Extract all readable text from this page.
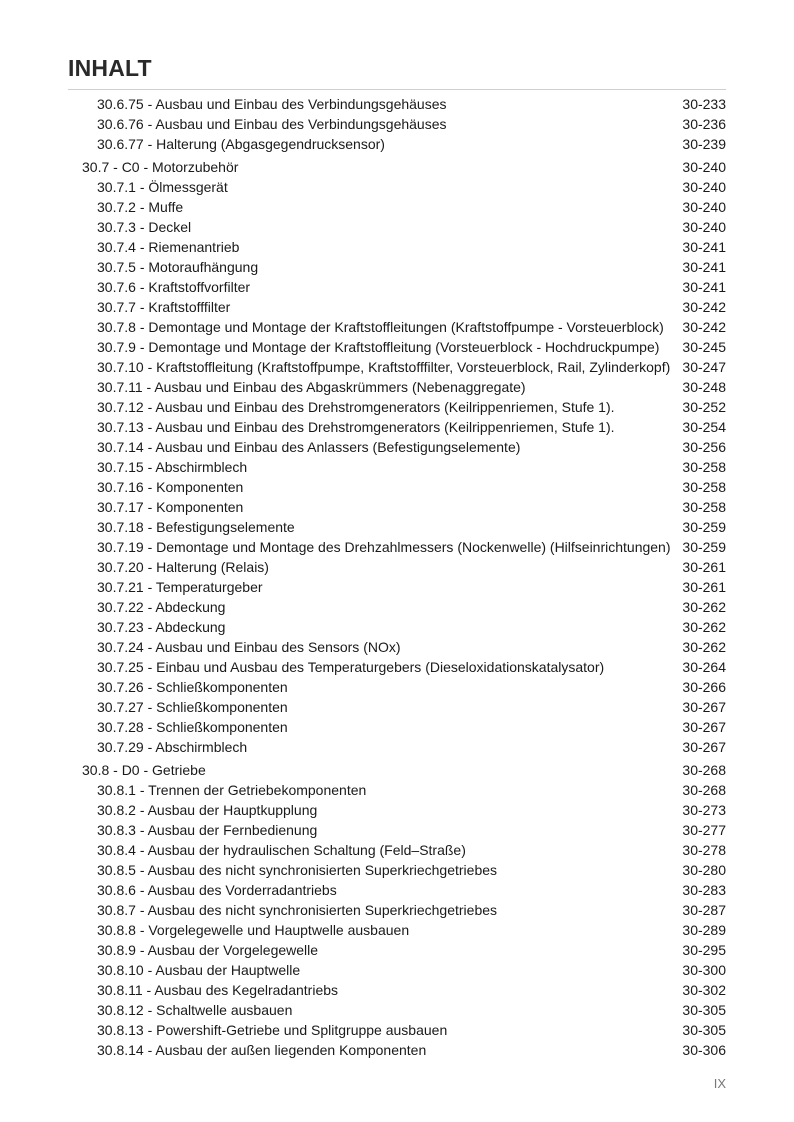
INHALT
30.6.75 - Ausbau und Einbau des Verbindungsgehäuses	30-233
30.6.76 - Ausbau und Einbau des Verbindungsgehäuses	30-236
30.6.77 - Halterung (Abgasgegendrucksensor)	30-239
30.7 - C0 - Motorzubehör	30-240
30.7.1 - Ölmessgerät	30-240
30.7.2 - Muffe	30-240
30.7.3 - Deckel	30-240
30.7.4 - Riemenantrieb	30-241
30.7.5 - Motoraufhängung	30-241
30.7.6 - Kraftstoffvorfilter	30-241
30.7.7 - Kraftstofffilter	30-242
30.7.8 - Demontage und Montage der Kraftstoffleitungen (Kraftstoffpumpe - Vorsteuerblock) 30-242
30.7.9 - Demontage und Montage der Kraftstoffleitung (Vorsteuerblock - Hochdruckpumpe) 30-245
30.7.10 - Kraftstoffleitung (Kraftstoffpumpe, Kraftstofffilter, Vorsteuerblock, Rail, Zylinderkopf) 30-247
30.7.11 - Ausbau und Einbau des Abgaskrümmers (Nebenaggregate)	30-248
30.7.12 - Ausbau und Einbau des Drehstromgenerators (Keilrippenriemen, Stufe 1).	30-252
30.7.13 - Ausbau und Einbau des Drehstromgenerators (Keilrippenriemen, Stufe 1).	30-254
30.7.14 - Ausbau und Einbau des Anlassers (Befestigungselemente)	30-256
30.7.15 - Abschirmblech	30-258
30.7.16 - Komponenten	30-258
30.7.17 - Komponenten	30-258
30.7.18 - Befestigungselemente	30-259
30.7.19 - Demontage und Montage des Drehzahlmessers (Nockenwelle) (Hilfseinrichtungen) 30-259
30.7.20 - Halterung (Relais)	30-261
30.7.21 - Temperaturgeber	30-261
30.7.22 - Abdeckung	30-262
30.7.23 - Abdeckung	30-262
30.7.24 - Ausbau und Einbau des Sensors (NOx)	30-262
30.7.25 - Einbau und Ausbau des Temperaturgebers (Dieseloxidationskatalysator)	30-264
30.7.26 - Schließkomponenten	30-266
30.7.27 - Schließkomponenten	30-267
30.7.28 - Schließkomponenten	30-267
30.7.29 - Abschirmblech	30-267
30.8 - D0 - Getriebe	30-268
30.8.1 - Trennen der Getriebekomponenten	30-268
30.8.2 - Ausbau der Hauptkupplung	30-273
30.8.3 - Ausbau der Fernbedienung	30-277
30.8.4 - Ausbau der hydraulischen Schaltung (Feld–Straße)	30-278
30.8.5 - Ausbau des nicht synchronisierten Superkriechgetriebes	30-280
30.8.6 - Ausbau des Vorderradantriebs	30-283
30.8.7 - Ausbau des nicht synchronisierten Superkriechgetriebes	30-287
30.8.8 - Vorgelegewelle und Hauptwelle ausbauen	30-289
30.8.9 - Ausbau der Vorgelegewelle	30-295
30.8.10 - Ausbau der Hauptwelle	30-300
30.8.11 - Ausbau des Kegelradantriebs	30-302
30.8.12 - Schaltwelle ausbauen	30-305
30.8.13 - Powershift-Getriebe und Splitgruppe ausbauen	30-305
30.8.14 - Ausbau der außen liegenden Komponenten	30-306
IX
